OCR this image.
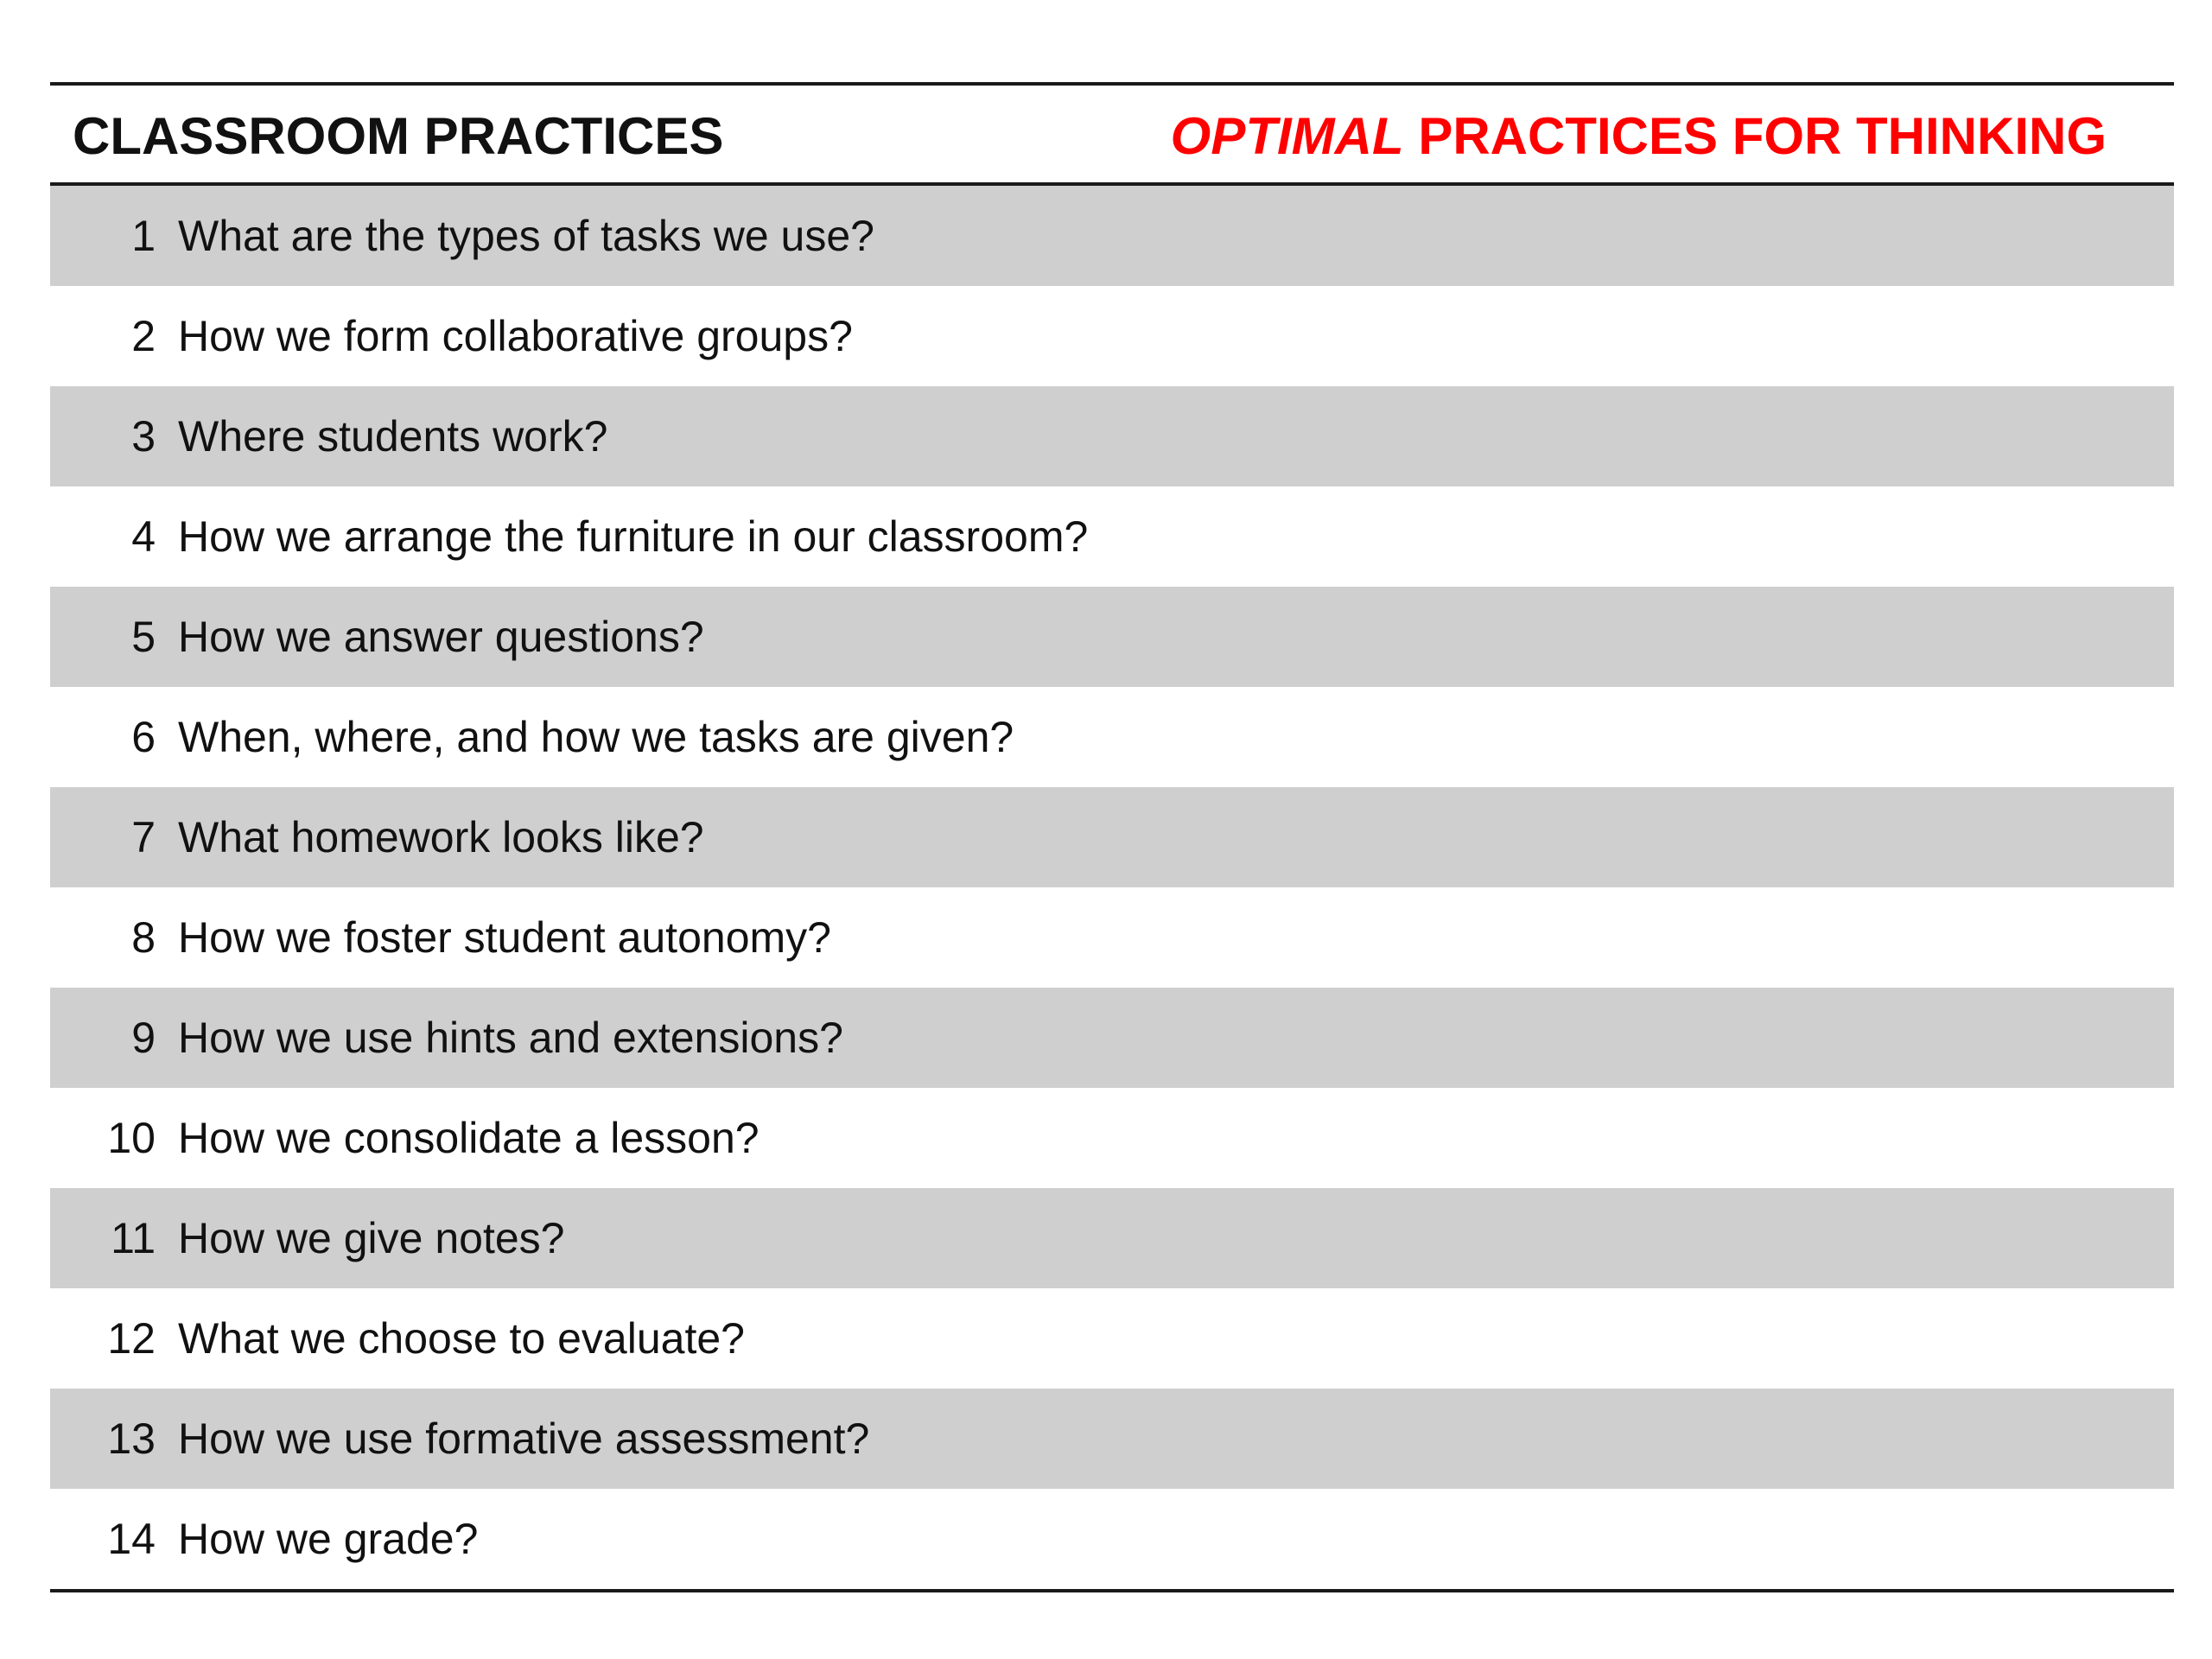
CLASSROOM PRACTICES	OPTIMAL PRACTICES FOR THINKING
1 What are the types of tasks we use?
2 How we form collaborative groups?
3 Where students work?
4 How we arrange the furniture in our classroom?
5 How we answer questions?
6 When, where, and how we tasks are given?
7 What homework looks like?
8 How we foster student autonomy?
9 How we use hints and extensions?
10 How we consolidate a lesson?
11 How we give notes?
12 What we choose to evaluate?
13 How we use formative assessment?
14 How we grade?
